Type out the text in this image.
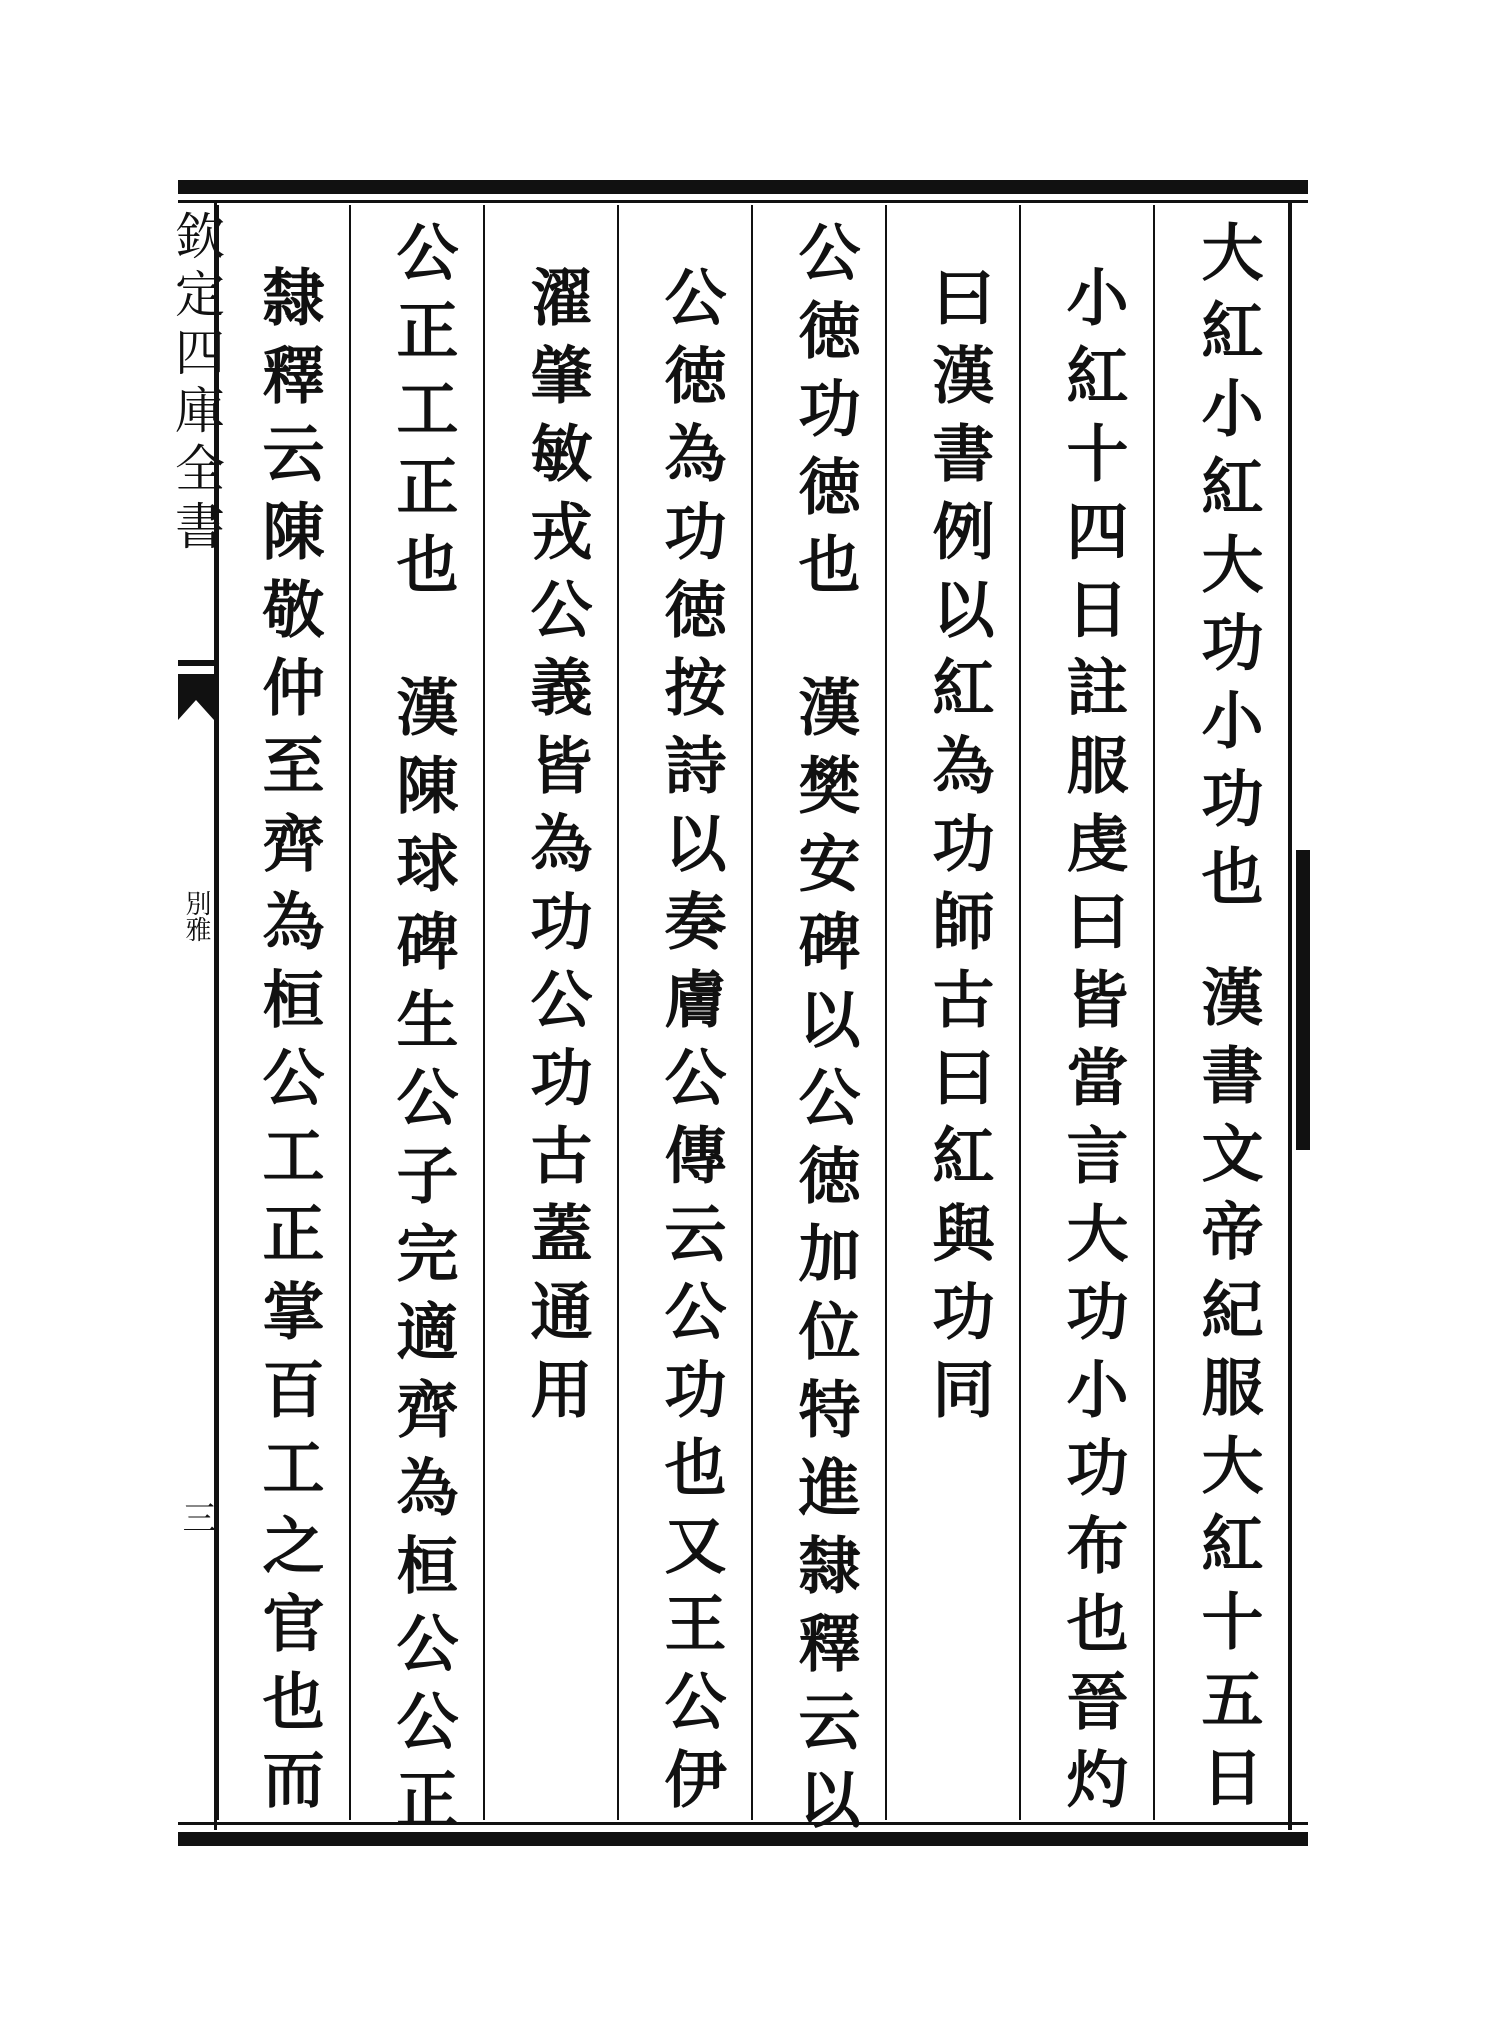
欽定四庫全書
別雅
三
大紅小紅大功小功也
漢書文帝紀服大紅十五日
小紅十四日註服虔曰皆當言大功小功布也晉灼
曰漢書例以紅為功師古曰紅與功同
公徳功徳也
漢樊安碑以公徳加位特進隸釋云以
公徳為功徳按詩以奏膚公傳云公功也又王公伊
濯肇敏戎公義皆為功公功古蓋通用
公正工正也
漢陳球碑生公子完適齊為桓公公正
隸釋云陳敬仲至齊為桓公工正掌百工之官也而
